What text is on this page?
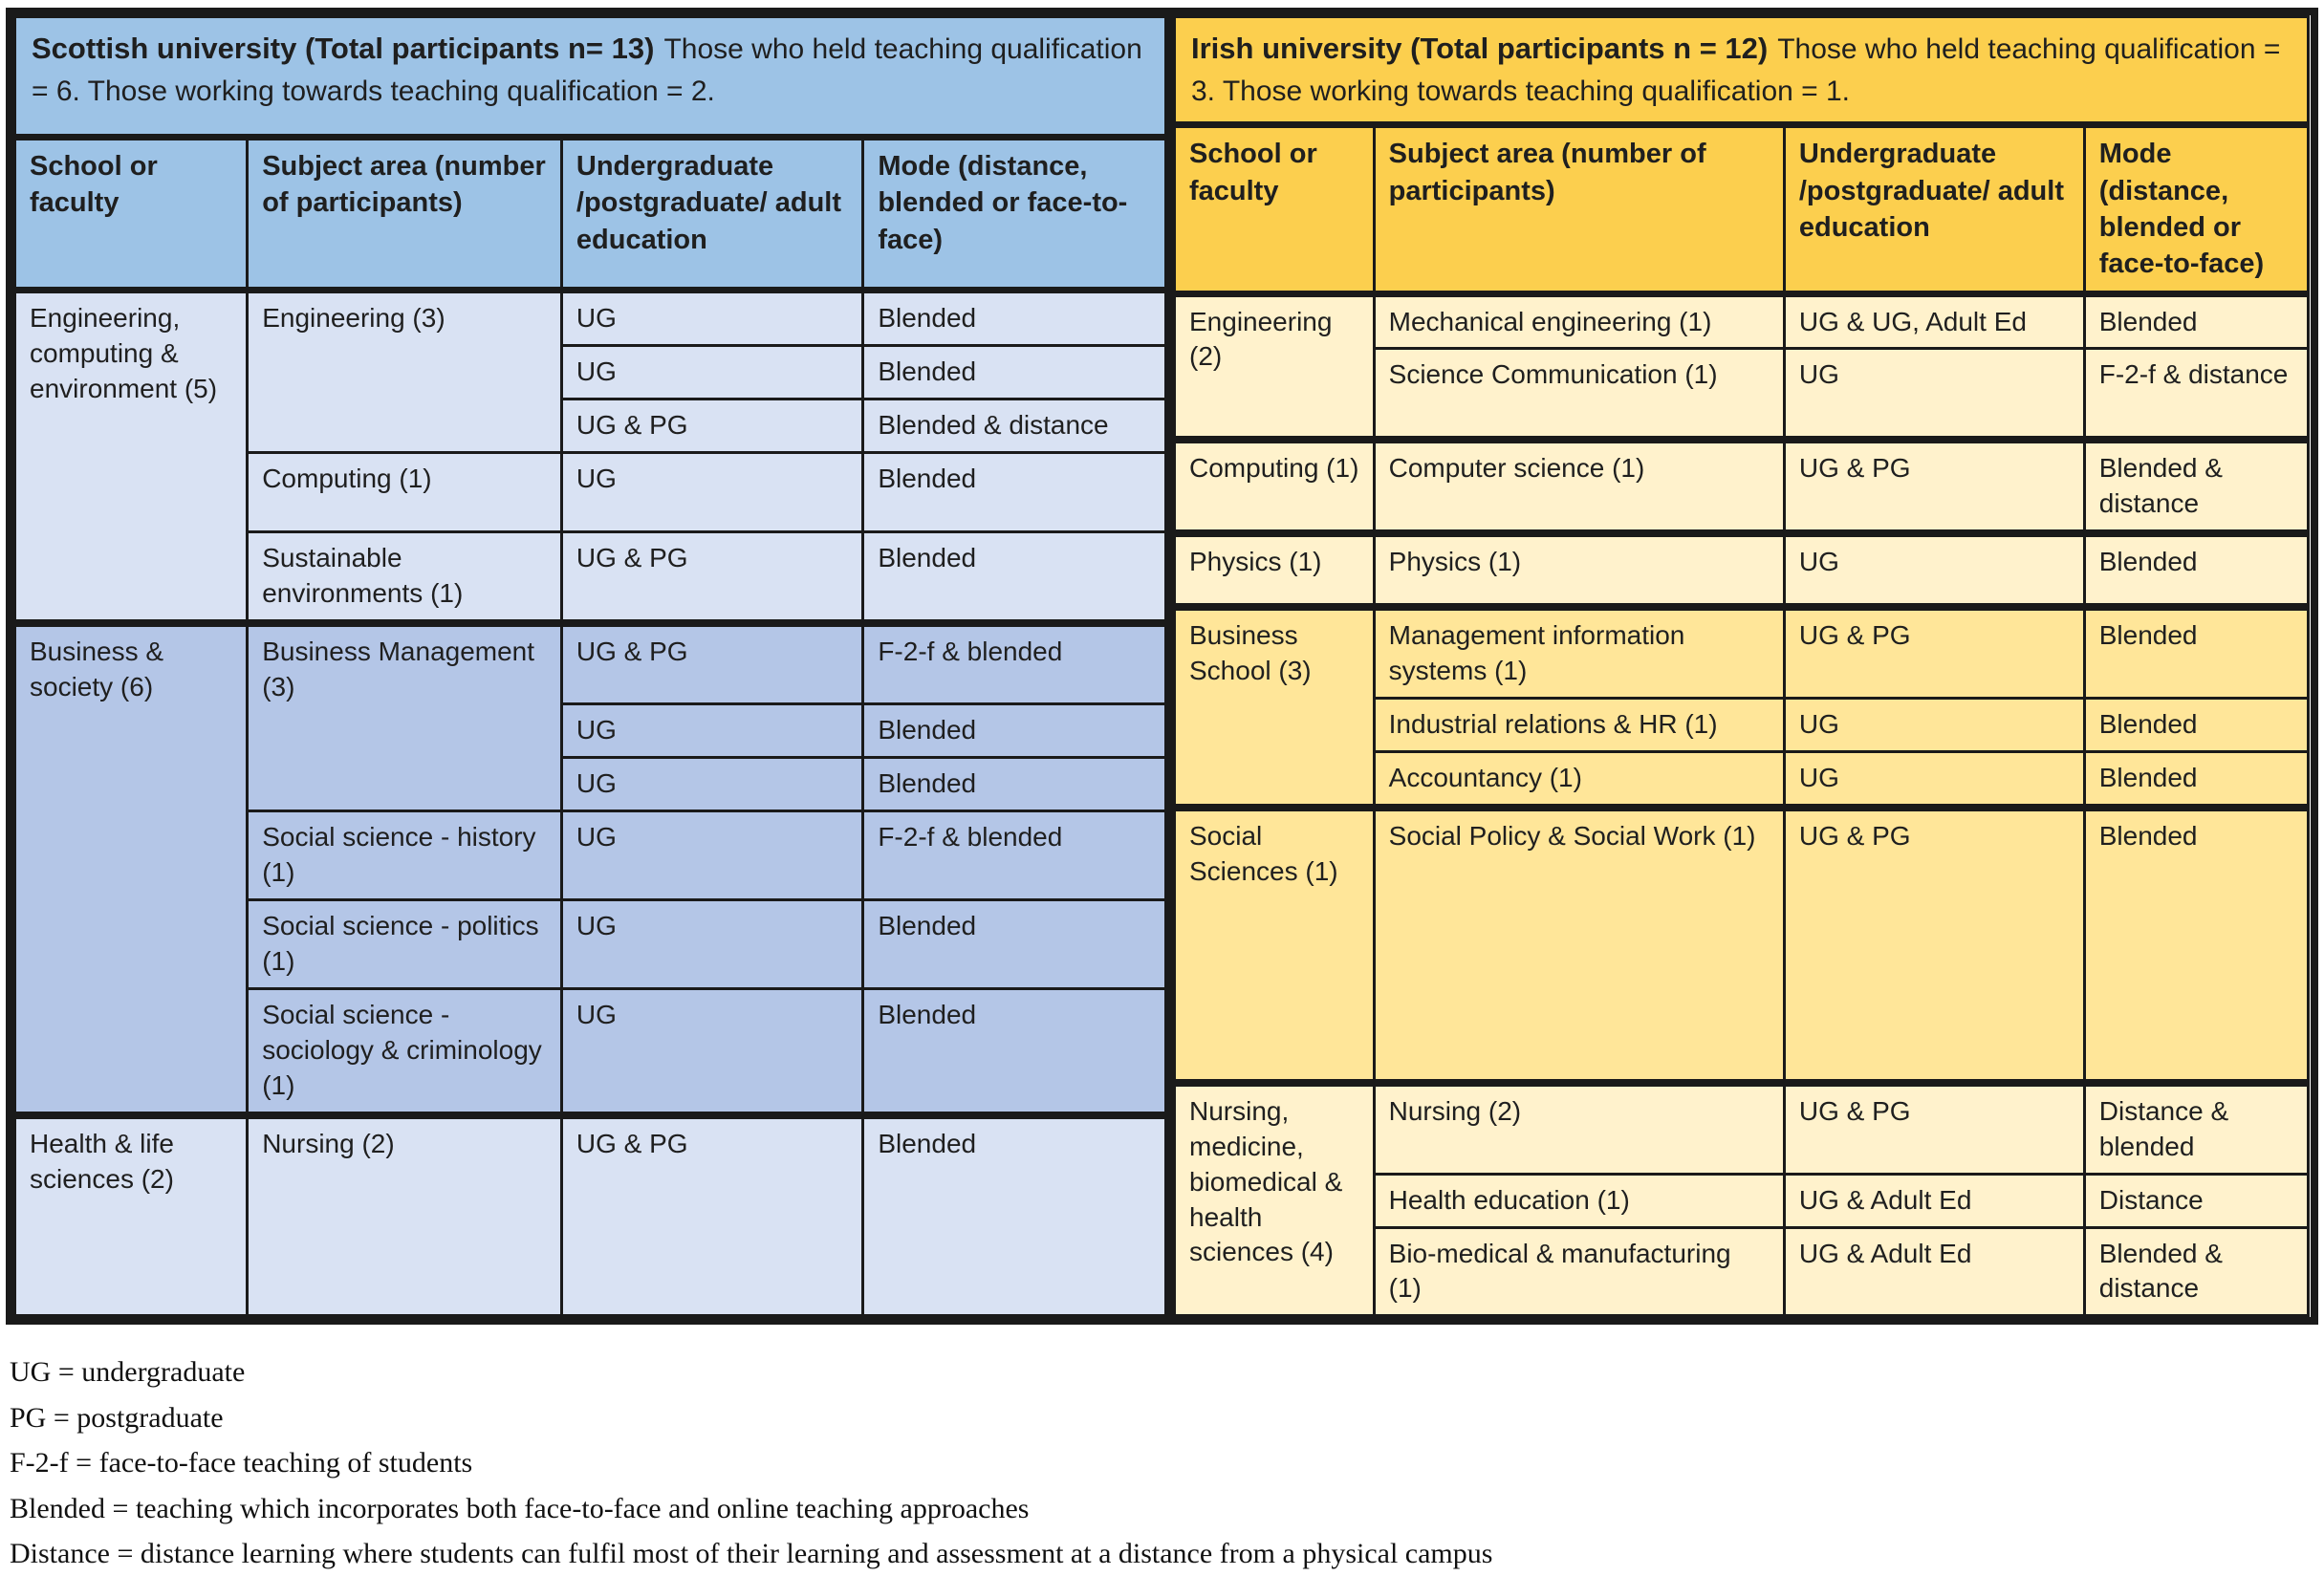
Scottish university (Total participants n= 13) Those who held teaching qualification = 6. Those working towards teaching qualification = 2.			
School or faculty	Subject area (number of participants)	Undergraduate /postgraduate/ adult education	Mode (distance, blended or face-to-face)
Engineering, computing & environment (5)	Engineering (3)	UG	Blended
		UG	Blended
		UG & PG	Blended & distance
	Computing (1)	UG	Blended
	Sustainable environments (1)	UG & PG	Blended
Business & society (6)	Business Management (3)	UG & PG	F-2-f & blended
		UG	Blended
		UG	Blended
	Social science - history (1)	UG	F-2-f & blended
	Social science - politics (1)	UG	Blended
	Social science - sociology & criminology (1)	UG	Blended
Health & life sciences (2)	Nursing (2)	UG & PG	Blended
Irish university (Total participants n = 12) Those who held teaching qualification = 3. Those working towards teaching qualification = 1.			
School or faculty	Subject area (number of participants)	Undergraduate /postgraduate/ adult education	Mode (distance, blended or face-to-face)
Engineering (2)	Mechanical engineering (1)	UG & UG, Adult Ed	Blended
	Science Communication (1)	UG	F-2-f & distance
Computing (1)	Computer science (1)	UG & PG	Blended & distance
Physics (1)	Physics (1)	UG	Blended
Business School (3)	Management information systems (1)	UG & PG	Blended
	Industrial relations & HR (1)	UG	Blended
	Accountancy (1)	UG	Blended
Social Sciences (1)	Social Policy & Social Work (1)	UG & PG	Blended
Nursing, medicine, biomedical & health sciences (4)	Nursing (2)	UG & PG	Distance & blended
	Health education (1)	UG & Adult Ed	Distance
	Bio-medical & manufacturing (1)	UG & Adult Ed	Blended & distance
UG = undergraduate
PG = postgraduate
F-2-f = face-to-face teaching of students
Blended = teaching which incorporates both face-to-face and online teaching approaches
Distance = distance learning where students can fulfil most of their learning and assessment at a distance from a physical campus
